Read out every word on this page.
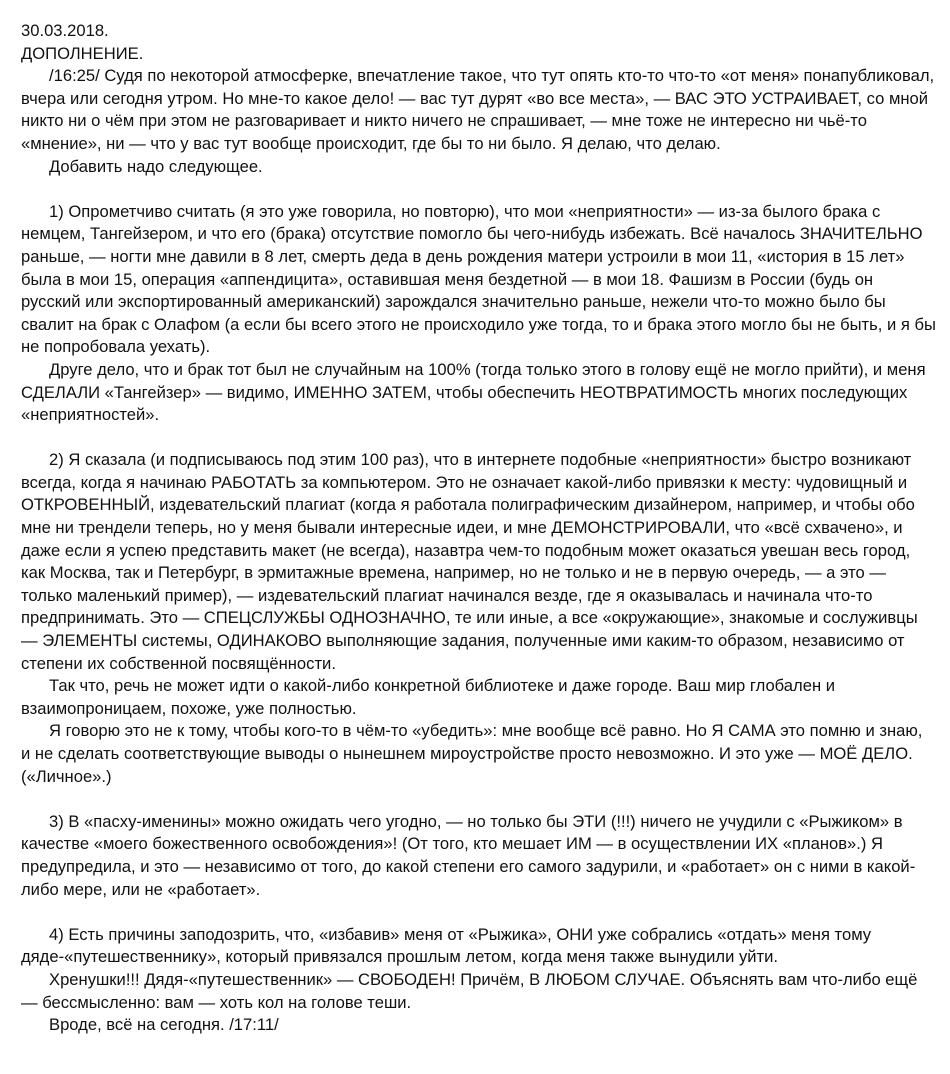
30.03.2018.

ДОПОЛНЕНИЕ.

/16:25/ Судя по некоторой атмосферке, впечатление такое, что тут опять кто-то что-то «от меня» понапубликовал, вчера или сегодня утром. Но мне-то какое дело! — вас тут дурят «во все места», — ВАС ЭТО УСТРАИВАЕТ, со мной никто ни о чём при этом не разговаривает и никто ничего не спрашивает, — мне тоже не интересно ни чьё-то «мнение», ни — что у вас тут вообще происходит, где бы то ни было. Я делаю, что делаю.

Добавить надо следующее.

1) Опрометчиво считать (я это уже говорила, но повторю), что мои «неприятности» — из-за былого брака с немцем, Тангейзером, и что его (брака) отсутствие помогло бы чего-нибудь избежать. Всё началось ЗНАЧИТЕЛЬНО раньше, — ногти мне давили в 8 лет, смерть деда в день рождения матери устроили в мои 11, «история в 15 лет» была в мои 15, операция «аппендицита», оставившая меня бездетной — в мои 18. Фашизм в России (будь он русский или экспортированный американский) зарождался значительно раньше, нежели что-то можно было бы свалит на брак с Олафом (а если бы всего этого не происходило уже тогда, то и брака этого могло бы не быть, и я бы не попробовала уехать).

Друге дело, что и брак тот был не случайным на 100% (тогда только этого в голову ещё не могло прийти), и меня СДЕЛАЛИ «Тангейзер» — видимо, ИМЕННО ЗАТЕМ, чтобы обеспечить НЕОТВРАТИМОСТЬ многих последующих «неприятностей».

2) Я сказала (и подписываюсь под этим 100 раз), что в интернете подобные «неприятности» быстро возникают всегда, когда я начинаю РАБОТАТЬ за компьютером. Это не означает какой-либо привязки к месту: чудовищный и ОТКРОВЕННЫЙ, издевательский плагиат (когда я работала полиграфическим дизайнером, например, и чтобы обо мне ни трендели теперь, но у меня бывали интересные идеи, и мне ДЕМОНСТРИРОВАЛИ, что «всё схвачено», и даже если я успею представить макет (не всегда), назавтра чем-то подобным может оказаться увешан весь город, как Москва, так и Петербург, в эрмитажные времена, например, но не только и не в первую очередь, — а это — только маленький пример), — издевательский плагиат начинался везде, где я оказывалась и начинала что-то предпринимать. Это — СПЕЦСЛУЖБЫ ОДНОЗНАЧНО, те или иные, а все «окружающие», знакомые и сослуживцы — ЭЛЕМЕНТЫ системы, ОДИНАКОВО выполняющие задания, полученные ими каким-то образом, независимо от степени их собственной посвящённости.

Так что, речь не может идти о какой-либо конкретной библиотеке и даже городе. Ваш мир глобален и взаимопроницаем, похоже, уже полностью.

Я говорю это не к тому, чтобы кого-то в чём-то «убедить»: мне вообще всё равно. Но Я САМА это помню и знаю, и не сделать соответствующие выводы о нынешнем мироустройстве просто невозможно. И это уже — МОЁ ДЕЛО. («Личное».)

3) В «пасху-именины» можно ожидать чего угодно, — но только бы ЭТИ (!!!) ничего не учудили с «Рыжиком» в качестве «моего божественного освобождения»! (От того, кто мешает ИМ — в осуществлении ИХ «планов».) Я предупредила, и это — независимо от того, до какой степени его самого задурили, и «работает» он с ними в какой-либо мере, или не «работает».

4) Есть причины заподозрить, что, «избавив» меня от «Рыжика», ОНИ уже собрались «отдать» меня тому дяде-«путешественнику», который привязался прошлым летом, когда меня также вынудили уйти.

Хренушки!!! Дядя-«путешественник» — СВОБОДЕН! Причём, В ЛЮБОМ СЛУЧАЕ. Объяснять вам что-либо ещё — бессмысленно: вам — хоть кол на голове теши.

Вроде, всё на сегодня. /17:11/
